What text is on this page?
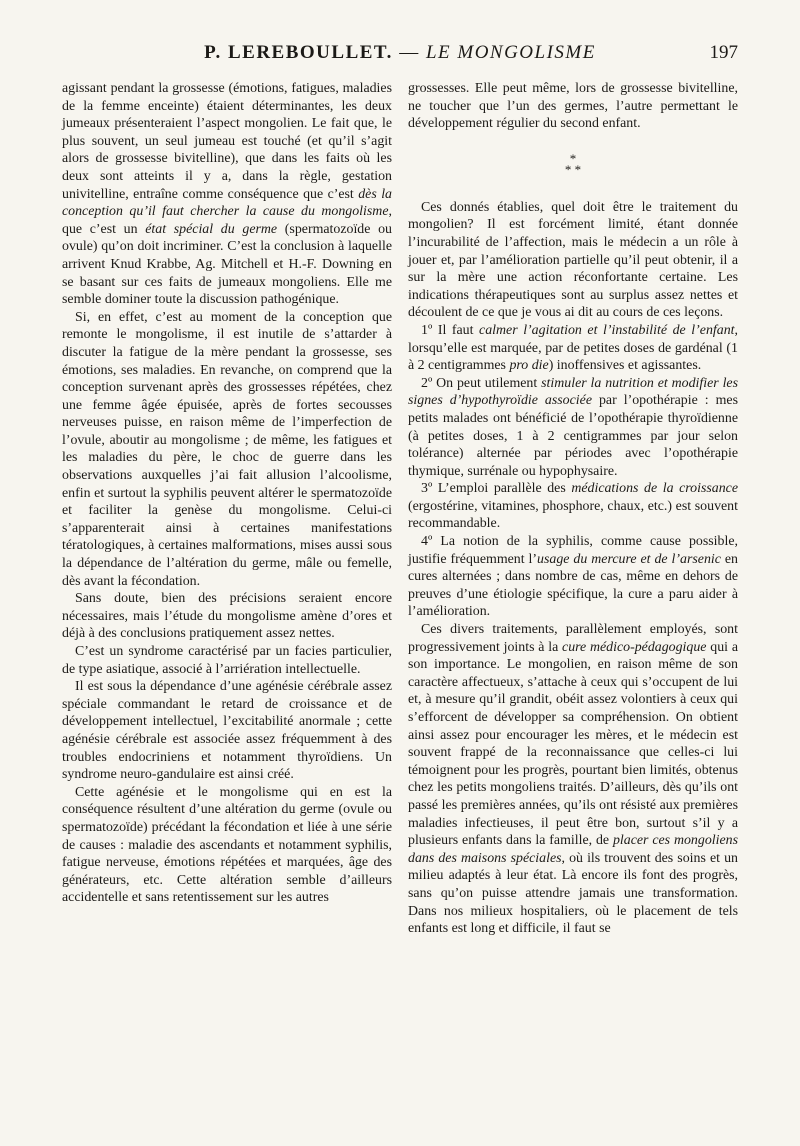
P. LEREBOULLET. — LE MONGOLISME	197

agissant pendant la grossesse (émotions, fatigues, maladies de la femme enceinte) étaient déterminantes, les deux jumeaux présenteraient l’aspect mongolien. Le fait que, le plus souvent, un seul jumeau est touché (et qu’il s’agit alors de grossesse bivitelline), que dans les faits où les deux sont atteints il y a, dans la règle, gestation univitelline, entraîne comme conséquence que c’est dès la conception qu’il faut chercher la cause du mongolisme, que c’est un état spécial du germe (spermatozoïde ou ovule) qu’on doit incriminer. C’est la conclusion à laquelle arrivent Knud Krabbe, Ag. Mitchell et H.-F. Downing en se basant sur ces faits de jumeaux mongoliens. Elle me semble dominer toute la discussion pathogénique.

Si, en effet, c’est au moment de la conception que remonte le mongolisme, il est inutile de s’attarder à discuter la fatigue de la mère pendant la grossesse, ses émotions, ses maladies. En revanche, on comprend que la conception survenant après des grossesses répétées, chez une femme âgée épuisée, après de fortes secousses nerveuses puisse, en raison même de l’imperfection de l’ovule, aboutir au mongolisme ; de même, les fatigues et les maladies du père, le choc de guerre dans les observations auxquelles j’ai fait allusion l’alcoolisme, enfin et surtout la syphilis peuvent altérer le spermatozoïde et faciliter la genèse du mongolisme. Celui-ci s’apparenterait ainsi à certaines manifestations tératologiques, à certaines malformations, mises aussi sous la dépendance de l’altération du germe, mâle ou femelle, dès avant la fécondation.

Sans doute, bien des précisions seraient encore nécessaires, mais l’étude du mongolisme amène d’ores et déjà à des conclusions pratiquement assez nettes.

C’est un syndrome caractérisé par un facies particulier, de type asiatique, associé à l’arriération intellectuelle.

Il est sous la dépendance d’une agénésie cérébrale assez spéciale commandant le retard de croissance et de développement intellectuel, l’excitabilité anormale ; cette agénésie cérébrale est associée assez fréquemment à des troubles endocriniens et notamment thyroïdiens. Un syndrome neuro-gandulaire est ainsi créé.

Cette agénésie et le mongolisme qui en est la conséquence résultent d’une altération du germe (ovule ou spermatozoïde) précédant la fécondation et liée à une série de causes : maladie des ascendants et notamment syphilis, fatigue nerveuse, émotions répétées et marquées, âge des générateurs, etc. Cette altération semble d’ailleurs accidentelle et sans retentissement sur les autres

grossesses. Elle peut même, lors de grossesse bivitelline, ne toucher que l’un des germes, l’autre permettant le développement régulier du second enfant.

*
* *

Ces donnés établies, quel doit être le traitement du mongolien? Il est forcément limité, étant donnée l’incurabilité de l’affection, mais le médecin a un rôle à jouer et, par l’amélioration partielle qu’il peut obtenir, il a sur la mère une action réconfortante certaine. Les indications thérapeutiques sont au surplus assez nettes et découlent de ce que je vous ai dit au cours de ces leçons.

1º Il faut calmer l’agitation et l’instabilité de l’enfant, lorsqu’elle est marquée, par de petites doses de gardénal (1 à 2 centigrammes pro die) inoffensives et agissantes.

2º On peut utilement stimuler la nutrition et modifier les signes d’hypothyroïdie associée par l’opothérapie : mes petits malades ont bénéficié de l’opothérapie thyroïdienne (à petites doses, 1 à 2 centigrammes par jour selon tolérance) alternée par périodes avec l’opothérapie thymique, surrénale ou hypophysaire.

3º L’emploi parallèle des médications de la croissance (ergostérine, vitamines, phosphore, chaux, etc.) est souvent recommandable.

4º La notion de la syphilis, comme cause possible, justifie fréquemment l’usage du mercure et de l’arsenic en cures alternées ; dans nombre de cas, même en dehors de preuves d’une étiologie spécifique, la cure a paru aider à l’amélioration.

Ces divers traitements, parallèlement employés, sont progressivement joints à la cure médico-pédagogique qui a son importance. Le mongolien, en raison même de son caractère affectueux, s’attache à ceux qui s’occupent de lui et, à mesure qu’il grandit, obéit assez volontiers à ceux qui s’efforcent de développer sa compréhension. On obtient ainsi assez pour encourager les mères, et le médecin est souvent frappé de la reconnaissance que celles-ci lui témoignent pour les progrès, pourtant bien limités, obtenus chez les petits mongoliens traités. D’ailleurs, dès qu’ils ont passé les premières années, qu’ils ont résisté aux premières maladies infectieuses, il peut être bon, surtout s’il y a plusieurs enfants dans la famille, de placer ces mongoliens dans des maisons spéciales, où ils trouvent des soins et un milieu adaptés à leur état. Là encore ils font des progrès, sans qu’on puisse attendre jamais une transformation. Dans nos milieux hospitaliers, où le placement de tels enfants est long et difficile, il faut se
